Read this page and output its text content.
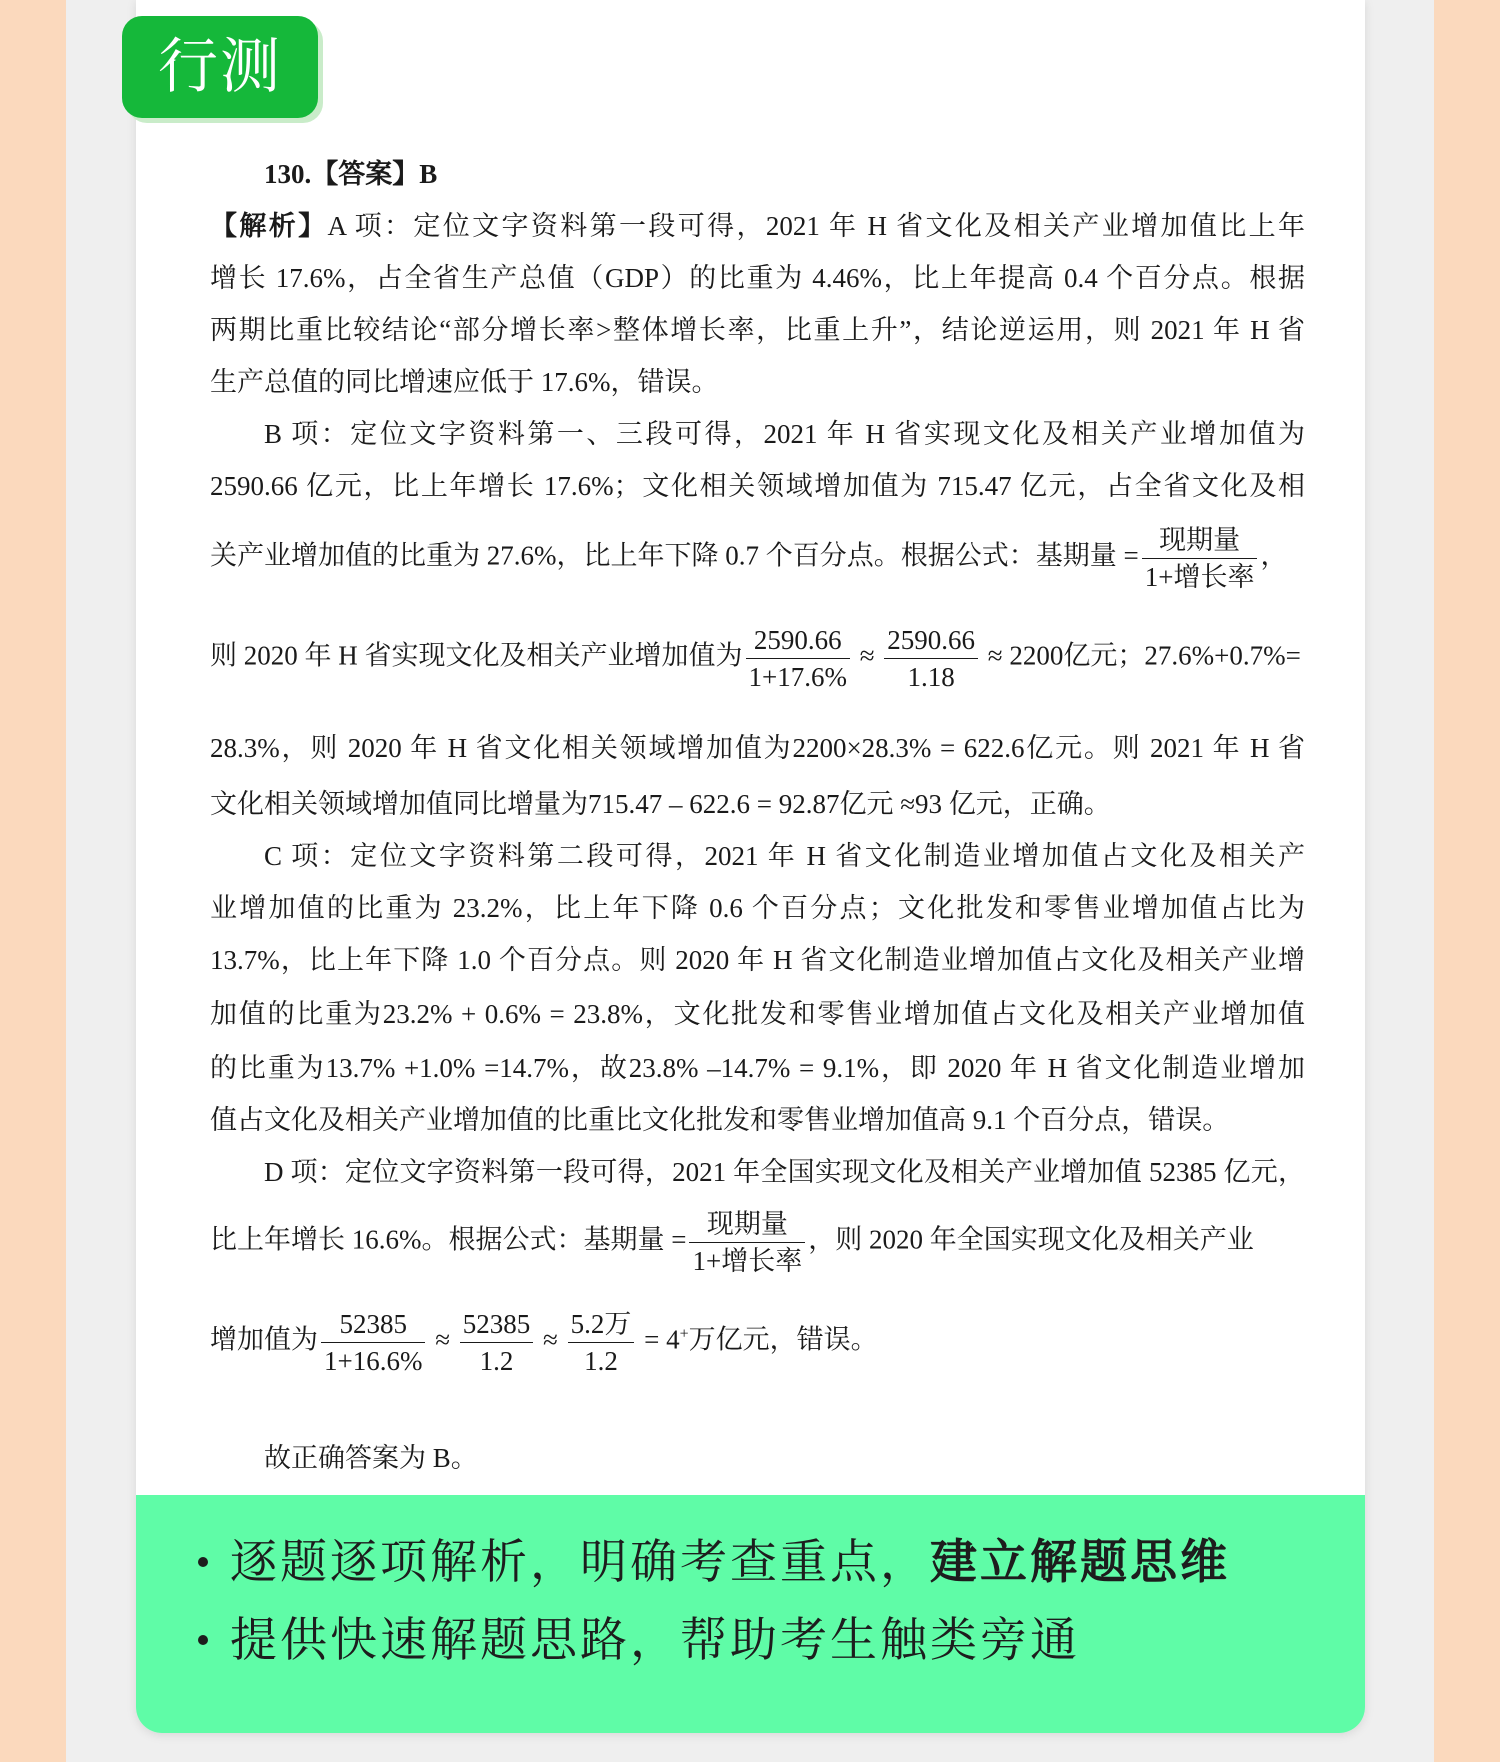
行测
130.【答案】B
【解析】A 项：定位文字资料第一段可得，2021 年 H 省文化及相关产业增加值比上年
增长 17.6%，占全省生产总值（GDP）的比重为 4.46%，比上年提高 0.4 个百分点。根据
两期比重比较结论“部分增长率>整体增长率，比重上升”，结论逆运用，则 2021 年 H 省
生产总值的同比增速应低于 17.6%，错误。
B 项：定位文字资料第一、三段可得，2021 年 H 省实现文化及相关产业增加值为
2590.66 亿元，比上年增长 17.6%；文化相关领域增加值为 715.47 亿元，占全省文化及相
关产业增加值的比重为 27.6%，比上年下降 0.7 个百分点。根据公式：基期量 = $\frac{\text{现期量}}{\text{1+增长率}}$ ，
则 2020 年 H 省实现文化及相关产业增加值为 $\frac{2590.66}{1+17.6\%} \approx \frac{2590.66}{1.18} \approx 2200$亿元；27.6%+0.7%=
28.3%，则 2020 年 H 省文化相关领域增加值为2200×28.3% = 622.6亿元。则 2021 年 H 省
文化相关领域增加值同比增量为715.47 – 622.6 = 92.87亿元 ≈93 亿元，正确。
C 项：定位文字资料第二段可得，2021 年 H 省文化制造业增加值占文化及相关产
业增加值的比重为 23.2%，比上年下降 0.6 个百分点；文化批发和零售业增加值占比为
13.7%，比上年下降 1.0 个百分点。则 2020 年 H 省文化制造业增加值占文化及相关产业增
加值的比重为23.2% + 0.6% = 23.8%，文化批发和零售业增加值占文化及相关产业增加值
的比重为13.7% +1.0% =14.7%，故23.8% –14.7% = 9.1%，即 2020 年 H 省文化制造业增加
值占文化及相关产业增加值的比重比文化批发和零售业增加值高 9.1 个百分点，错误。
D 项：定位文字资料第一段可得，2021 年全国实现文化及相关产业增加值 52385 亿元，
比上年增长 16.6%。根据公式：基期量 = $\frac{\text{现期量}}{\text{1+增长率}}$ ，则 2020 年全国实现文化及相关产业
增加值为 $\frac{52385}{1+16.6\%} \approx \frac{52385}{1.2} \approx \frac{\text{5.2万}}{1.2} = 4^+$万亿元，错误。
故正确答案为 B。
逐题逐项解析，明确考查重点，建立解题思维
提供快速解题思路，帮助考生触类旁通
